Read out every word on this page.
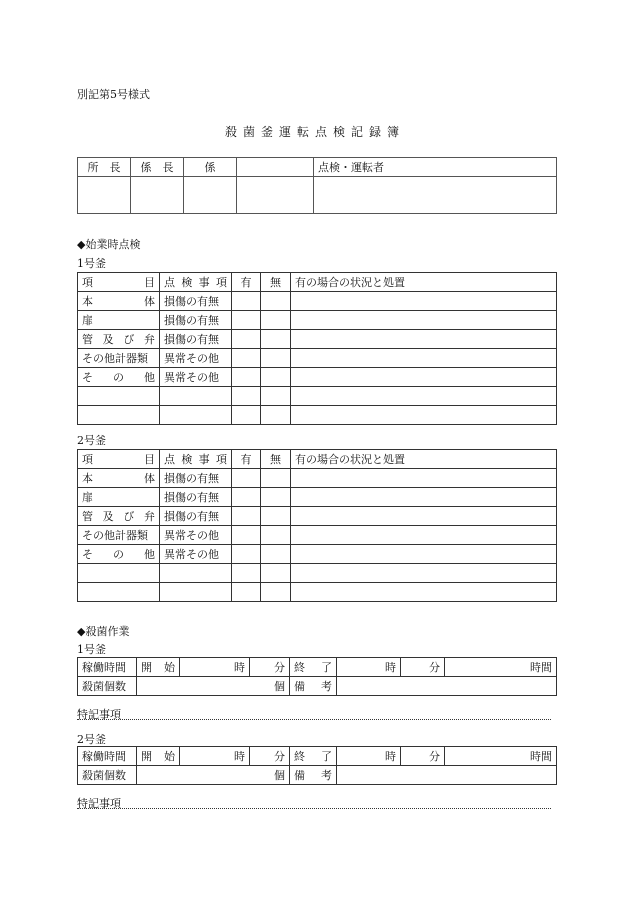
別記第5号様式
殺菌釜運転点検記録簿
所　長	係　長	係		点検・運転者

◆始業時点検
1号釜
項　　目	点検事項	有	無	有の場合の状況と処置
本　　体	損傷の有無			
扉	損傷の有無			
管及び弁	損傷の有無			
その他計器類	異常その他			
そ　の　他	異常その他			

2号釜
項　　目	点検事項	有	無	有の場合の状況と処置
本　　体	損傷の有無			
扉	損傷の有無			
管及び弁	損傷の有無			
その他計器類	異常その他			
そ　の　他	異常その他			

◆殺菌作業
1号釜
稼働時間	開　始	時	分	終　了	時	分	時間
殺菌個数	個			備　考			
特記事項
2号釜
稼働時間	開　始	時	分	終　了	時	分	時間
殺菌個数	個			備　考			
特記事項
